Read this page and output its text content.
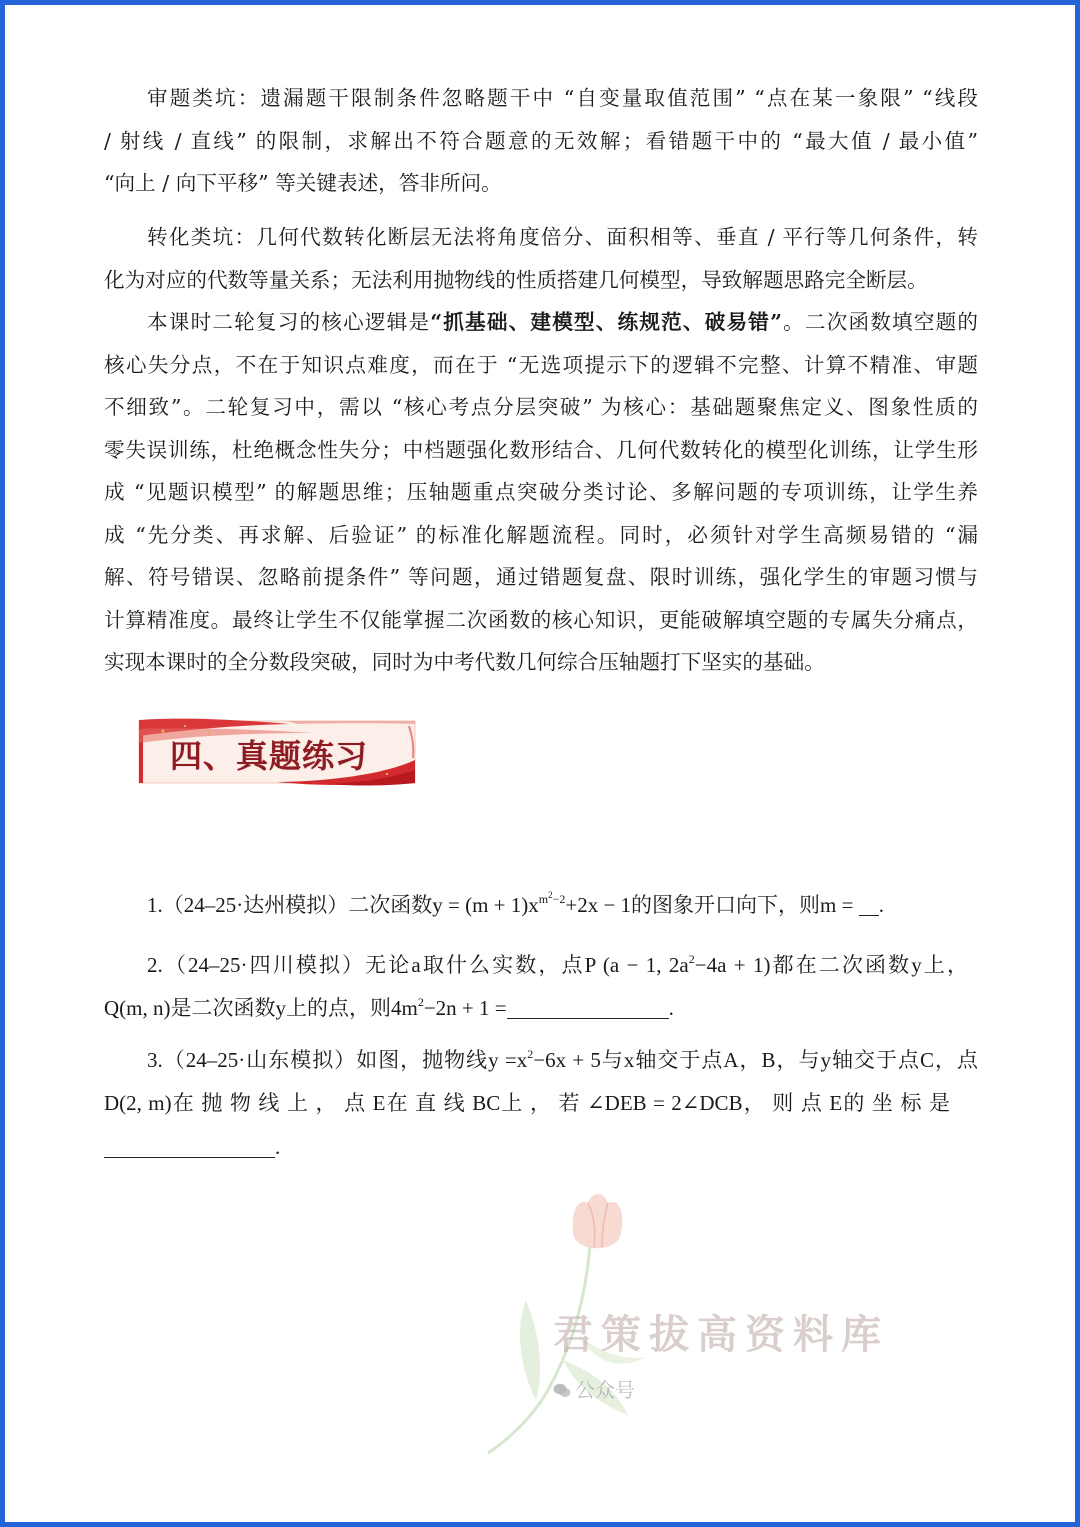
审题类坑：遗漏题干限制条件忽略题干中 “自变量取值范围” “点在某一象限” “线段
/ 射线 / 直线” 的限制，求解出不符合题意的无效解；看错题干中的 “最大值 / 最小值”
“向上 / 向下平移” 等关键表述，答非所问。
转化类坑：几何代数转化断层无法将角度倍分、面积相等、垂直 / 平行等几何条件，转
化为对应的代数等量关系；无法利用抛物线的性质搭建几何模型，导致解题思路完全断层。
本课时二轮复习的核心逻辑是“抓基础、建模型、练规范、破易错”。二次函数填空题的
核心失分点，不在于知识点难度，而在于 “无选项提示下的逻辑不完整、计算不精准、审题
不细致”。二轮复习中，需以 “核心考点分层突破” 为核心：基础题聚焦定义、图象性质的
零失误训练，杜绝概念性失分；中档题强化数形结合、几何代数转化的模型化训练，让学生形
成 “见题识模型” 的解题思维；压轴题重点突破分类讨论、多解问题的专项训练，让学生养
成 “先分类、再求解、后验证” 的标准化解题流程。同时，必须针对学生高频易错的 “漏
解、符号错误、忽略前提条件” 等问题，通过错题复盘、限时训练，强化学生的审题习惯与
计算精准度。最终让学生不仅能掌握二次函数的核心知识，更能破解填空题的专属失分痛点，
实现本课时的全分数段突破，同时为中考代数几何综合压轴题打下坚实的基础。
四、真题练习
1.（24–25·达州模拟）二次函数$y = (m + 1)x^{m^2-2}+2x - 1$的图象开口向下，则m = .
2.（24–25·四川模拟）无论a取什么实数，点P (a − 1, $2a^2-4a + 1$)都在二次函数y上，
Q(m, n)是二次函数y上的点，则$4m^2-2n + 1$ =	.
3.（24–25·山东模拟）如图，抛物线$y =x^2-6x + 5$与x轴交于点A，B，与y轴交于点C，点
D(2, m)在 抛 物 线 上 ， 点 E在 直 线 BC上 ， 若 ∠DEB = 2∠DCB， 则 点 E的 坐 标 是
.
君策拔高资料库
公众号
